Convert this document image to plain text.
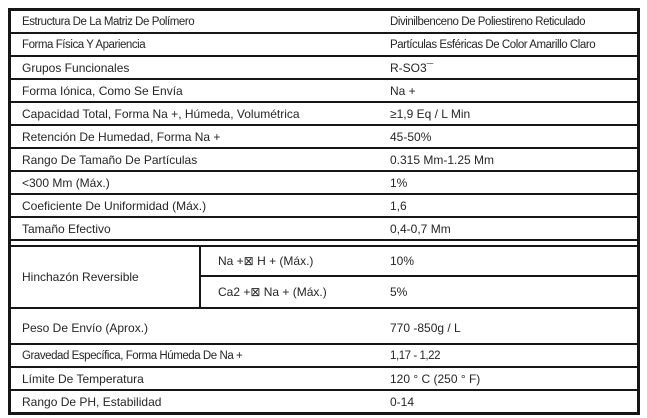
Estructura De La Matriz De Polímero	Divinilbenceno De Poliestireno Reticulado
Forma Física Y Apariencia	Partículas Esféricas De Color Amarillo Claro
Grupos Funcionales	R-SO3¯
Forma Iónica, Como Se Envía	Na +
Capacidad Total, Forma Na +, Húmeda, Volumétrica	≥1,9 Eq / L Min
Retención De Humedad, Forma Na +	45-50%
Rango De Tamaño De Partículas	0.315 Mm-1.25 Mm
<300 Mm (Máx.)	1%
Coeficiente De Uniformidad (Máx.)	1,6
Tamaño Efectivo	0,4-0,7 Mm
Hinchazón Reversible
Na +⊠ H + (Máx.)	10%
Ca2 +⊠ Na + (Máx.)	5%
Peso De Envío (Aprox.)	770 -850g / L
Gravedad Específica, Forma Húmeda De Na +	1,17 - 1,22
Límite De Temperatura	120 ° C (250 ° F)
Rango De PH, Estabilidad	0-14
